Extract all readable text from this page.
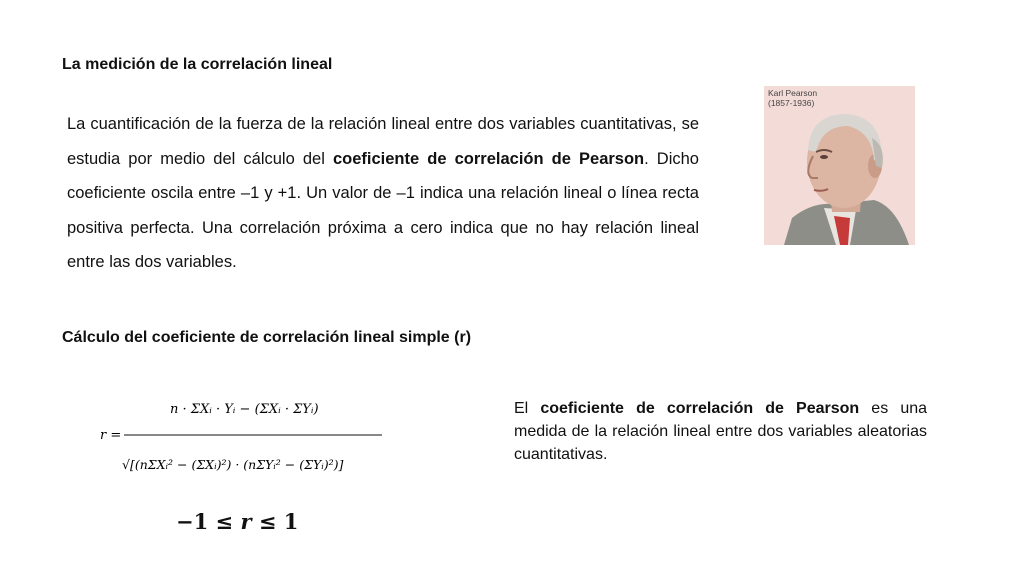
La medición de la correlación lineal
La cuantificación de la fuerza de la relación lineal entre dos variables cuantitativas, se estudia por medio del cálculo del coeficiente de correlación de Pearson. Dicho coeficiente oscila entre –1 y +1. Un valor de –1 indica una relación lineal o línea recta positiva perfecta. Una correlación próxima a cero indica que no hay relación lineal entre las dos variables.
Karl Pearson
(1857-1936)
Cálculo del coeficiente de correlación lineal simple (r)
r =
n · ΣXᵢ · Yᵢ − (ΣXᵢ · ΣYᵢ)
√[(nΣXᵢ² − (ΣXᵢ)²) · (nΣYᵢ² − (ΣYᵢ)²)]
−1 ≤ r ≤ 1
El coeficiente de correlación de Pearson es una medida de la relación lineal entre dos variables aleatorias cuantitativas.
